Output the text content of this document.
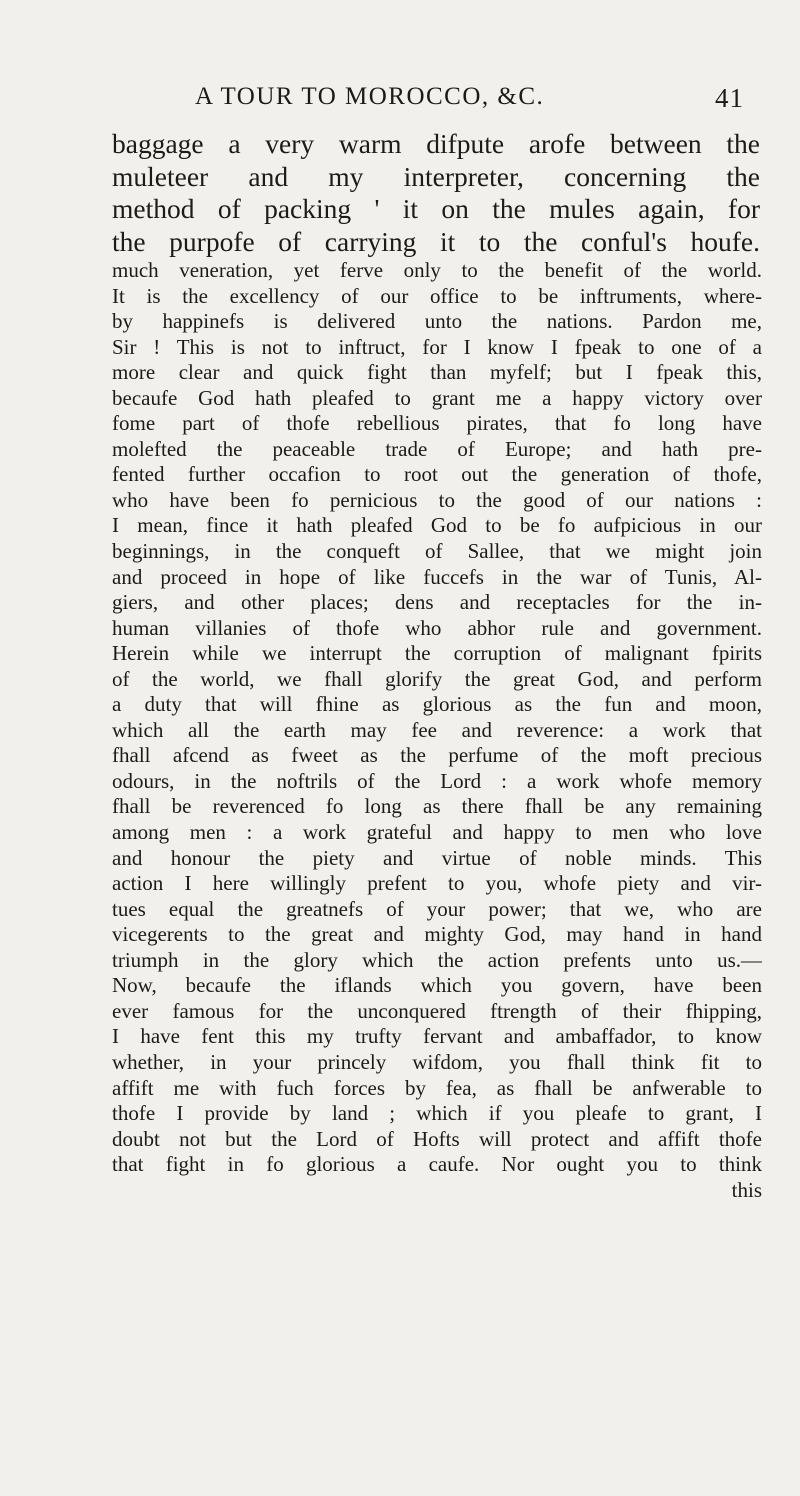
A TOUR TO MOROCCO, &C.	41
baggage a very warm difpute arofe between the
muleteer and my interpreter, concerning the
method of packing ' it on the mules again, for
the purpofe of carrying it to the conful's houfe.
much veneration, yet ferve only to the benefit of the world.
It is the excellency of our office to be inftruments, where-
by happinefs is delivered unto the nations. Pardon me,
Sir ! This is not to inftruct, for I know I fpeak to one of a
more clear and quick fight than myfelf; but I fpeak this,
becaufe God hath pleafed to grant me a happy victory over
fome part of thofe rebellious pirates, that fo long have
molefted the peaceable trade of Europe; and hath pre-
fented further occafion to root out the generation of thofe,
who have been fo pernicious to the good of our nations :
I mean, fince it hath pleafed God to be fo aufpicious in our
beginnings, in the conqueft of Sallee, that we might join
and proceed in hope of like fuccefs in the war of Tunis, Al-
giers, and other places; dens and receptacles for the in-
human villanies of thofe who abhor rule and government.
Herein while we interrupt the corruption of malignant fpirits
of the world, we fhall glorify the great God, and perform
a duty that will fhine as glorious as the fun and moon,
which all the earth may fee and reverence: a work that
fhall afcend as fweet as the perfume of the moft precious
odours, in the noftrils of the Lord : a work whofe memory
fhall be reverenced fo long as there fhall be any remaining
among men : a work grateful and happy to men who love
and honour the piety and virtue of noble minds. This
action I here willingly prefent to you, whofe piety and vir-
tues equal the greatnefs of your power; that we, who are
vicegerents to the great and mighty God, may hand in hand
triumph in the glory which the action prefents unto us.—
Now, becaufe the iflands which you govern, have been
ever famous for the unconquered ftrength of their fhipping,
I have fent this my trufty fervant and ambaffador, to know
whether, in your princely wifdom, you fhall think fit to
affift me with fuch forces by fea, as fhall be anfwerable to
thofe I provide by land ; which if you pleafe to grant, I
doubt not but the Lord of Hofts will protect and affift thofe
that fight in fo glorious a caufe. Nor ought you to think
this
